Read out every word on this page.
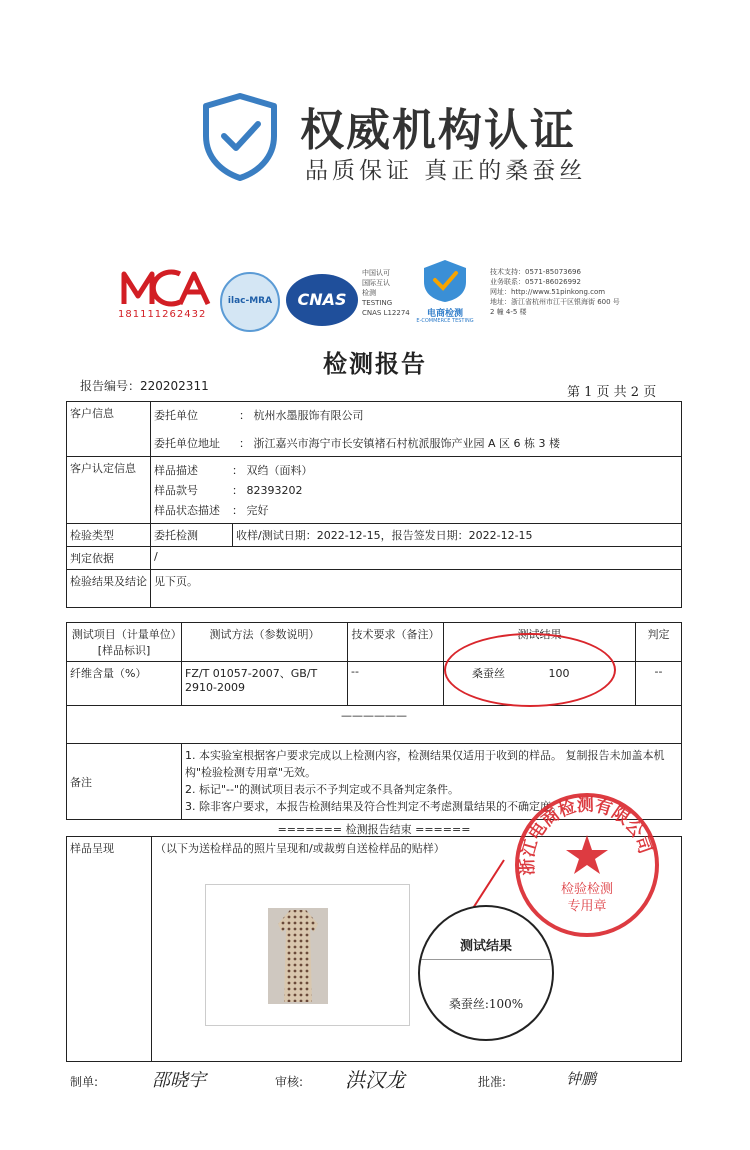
权威机构认证
品质保证 真正的桑蚕丝
181111262432
ilac-MRA	CNAS
中国认可
国际互认
检测
TESTING
CNAS L12274	电商检测
E-COMMERCE TESTING
技术支持：0571-85073696
业务联系：0571-86026992
网址：http://www.51pinkong.com
地址：浙江省杭州市江干区银海街 600 号
2 幢 4-5 楼
检测报告
报告编号：220202311	第 1 页 共 2 页
客户信息		委托单位	： 杭州水墨服饰有限公司
委托单位地址	： 浙江嘉兴市海宁市长安镇褚石村杭派服饰产业园 A 区 6 栋 3 楼

客户认定信息	样品描述	： 双绉（面料）
样品款号	： 82393202
样品状态描述	： 完好

检验类型	委托检测	收样/测试日期：2022-12-15，报告签发日期：2022-12-15
判定依据	/
检验结果及结论	见下页。
测试项目（计量单位）[样品标识]	测试方法（参数说明）	技术要求（备注）	测试结果	判定
纤维含量（%）	FZ/T 01057-2007、GB/T 2910-2009	--	桑蚕丝 100	--
——————				
备注	1. 本实验室根据客户要求完成以上检测内容，检测结果仅适用于收到的样品。 复制报告未加盖本机构"检验检测专用章"无效。
2. 标记"--"的测试项目表示不予判定或不具备判定条件。
3. 除非客户要求，本报告检测结果及符合性判定不考虑测量结果的不确定度。			
======= 检测报告结束 ======
样品呈现	（以下为送检样品的照片呈现和/或裁剪自送检样品的贴样）
浙江电商检测有限公司
检验检测
专用章
测试结果
桑蚕丝:100%
制单:	邵晓宇	审核: 洪汉龙	批准:	钟鹏
